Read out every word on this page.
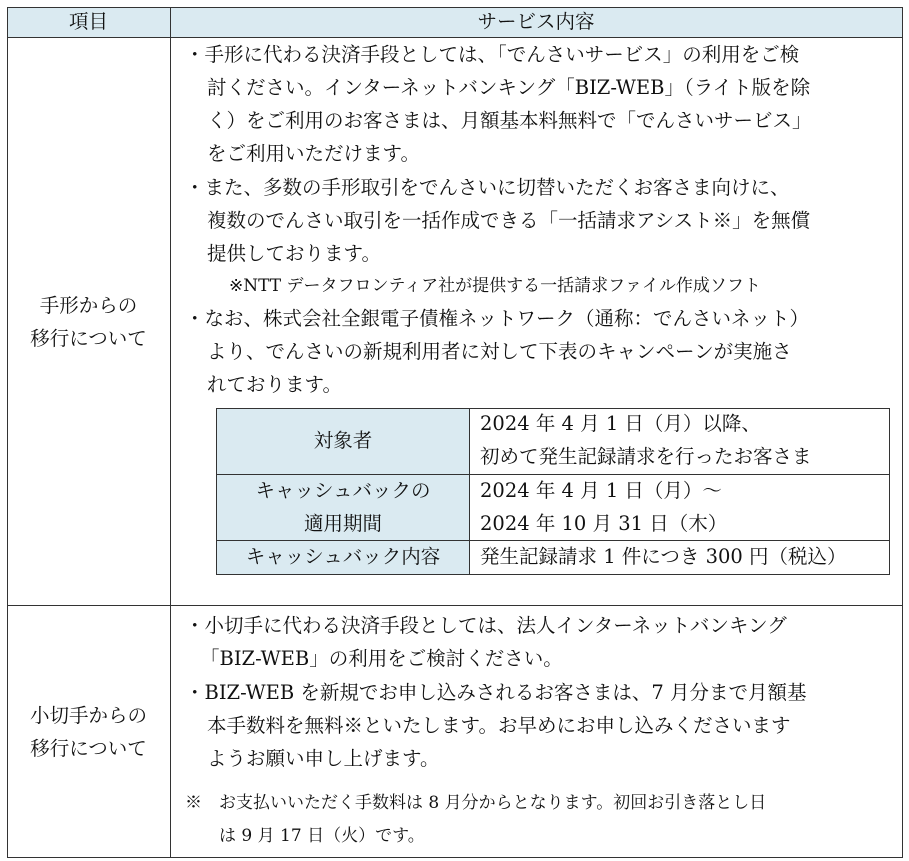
項目	サービス内容
手形からの
移行について
・手形に代わる決済手段としては、「でんさいサービス」の利用をご検
討ください。インターネットバンキング「BIZ-WEB」（ライト版を除
く）をご利用のお客さまは、月額基本料無料で「でんさいサービス」
をご利用いただけます。
・また、多数の手形取引をでんさいに切替いただくお客さま向けに、
複数のでんさい取引を一括作成できる「一括請求アシスト※」を無償
提供しております。
※NTT データフロンティア社が提供する一括請求ファイル作成ソフト
・なお、株式会社全銀電子債権ネットワーク（通称：でんさいネット）
より、でんさいの新規利用者に対して下表のキャンペーンが実施さ
れております。
対象者
2024 年 4 月 1 日（月）以降、
初めて発生記録請求を行ったお客さま
キャッシュバックの
適用期間
2024 年 4 月 1 日（月）～
2024 年 10 月 31 日（木）
キャッシュバック内容	発生記録請求 1 件につき 300 円（税込）
小切手からの
移行について
・小切手に代わる決済手段としては、法人インターネットバンキング
「BIZ-WEB」の利用をご検討ください。
・BIZ-WEB を新規でお申し込みされるお客さまは、7 月分まで月額基
本手数料を無料※といたします。お早めにお申し込みくださいます
ようお願い申し上げます。
※　お支払いいただく手数料は 8 月分からとなります。初回お引き落とし日
　　は 9 月 17 日（火）です。
